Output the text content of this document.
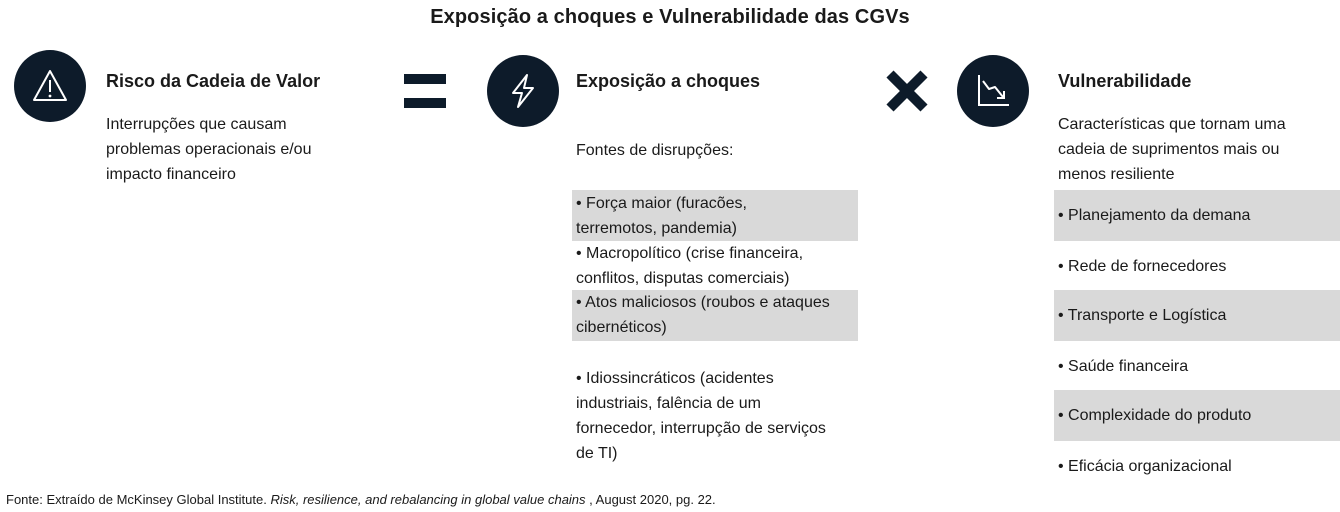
Exposição a choques e Vulnerabilidade das CGVs
Risco da Cadeia de Valor
Interrupções que causam
problemas operacionais e/ou
impacto financeiro
Exposição a choques
Fontes de disrupções:
• Força maior (furacões,
terremotos, pandemia)
• Macropolítico (crise financeira,
conflitos, disputas comerciais)
• Atos maliciosos (roubos e ataques
cibernéticos)
• Idiossincráticos (acidentes
industriais, falência de um
fornecedor, interrupção de serviços
de TI)
Vulnerabilidade
Características que tornam uma
cadeia de suprimentos mais ou
menos resiliente
• Planejamento da demana
• Rede de fornecedores
• Transporte e Logística
• Saúde financeira
• Complexidade do produto
• Eficácia organizacional
Fonte: Extraído de McKinsey Global Institute. Risk, resilience, and rebalancing in global value chains , August 2020, pg. 22.
